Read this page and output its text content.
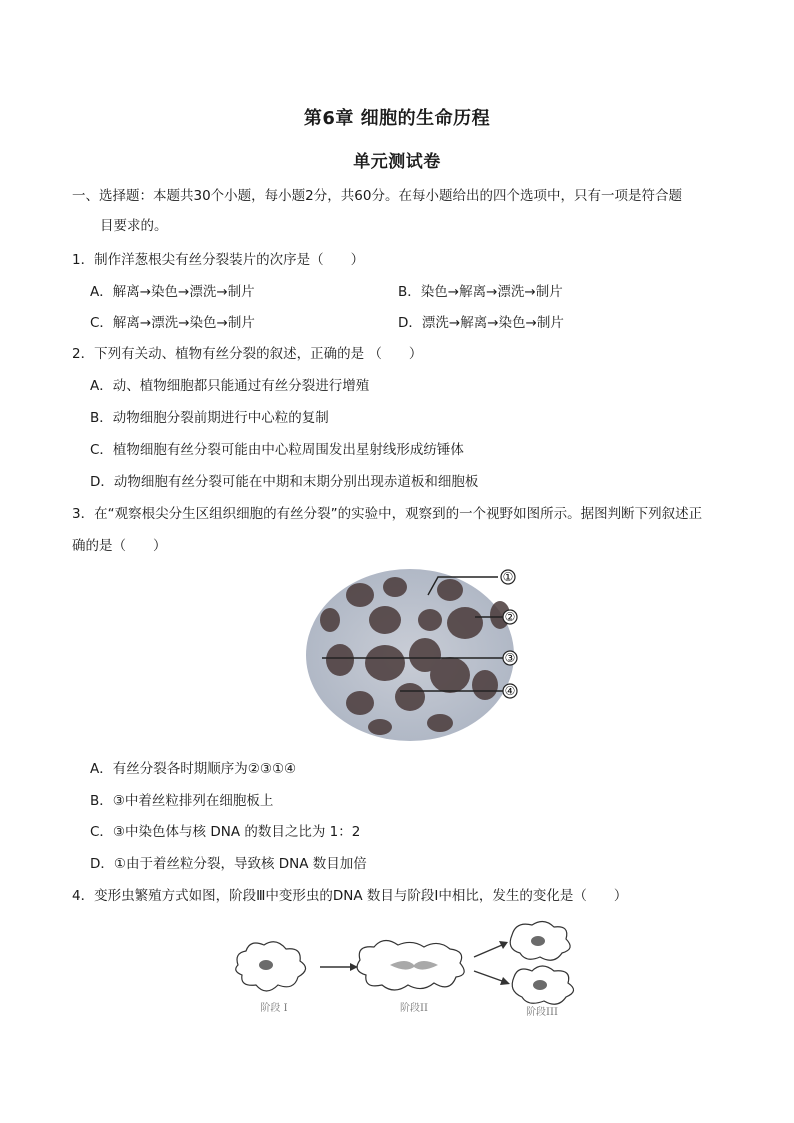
第6章 细胞的生命历程
单元测试卷
一、选择题：本题共30个小题，每小题2分，共60分。在每小题给出的四个选项中，只有一项是符合题
目要求的。
1．制作洋葱根尖有丝分裂装片的次序是（　　）
A．解离→染色→漂洗→制片	B．染色→解离→漂洗→制片
C．解离→漂洗→染色→制片	D．漂洗→解离→染色→制片
2．下列有关动、植物有丝分裂的叙述，正确的是 （　　）
A．动、植物细胞都只能通过有丝分裂进行增殖
B．动物细胞分裂前期进行中心粒的复制
C．植物细胞有丝分裂可能由中心粒周围发出星射线形成纺锤体
D．动物细胞有丝分裂可能在中期和末期分别出现赤道板和细胞板
3．在“观察根尖分生区组织细胞的有丝分裂”的实验中，观察到的一个视野如图所示。据图判断下列叙述正
确的是（　　）
①
②
③
④
A．有丝分裂各时期顺序为②③①④
B．③中着丝粒排列在细胞板上
C．③中染色体与核 DNA 的数目之比为 1：2
D．①由于着丝粒分裂，导致核 DNA 数目加倍
4．变形虫繁殖方式如图，阶段Ⅲ中变形虫的DNA 数目与阶段Ⅰ中相比，发生的变化是（　　）
阶段 I	阶段II	阶段III
